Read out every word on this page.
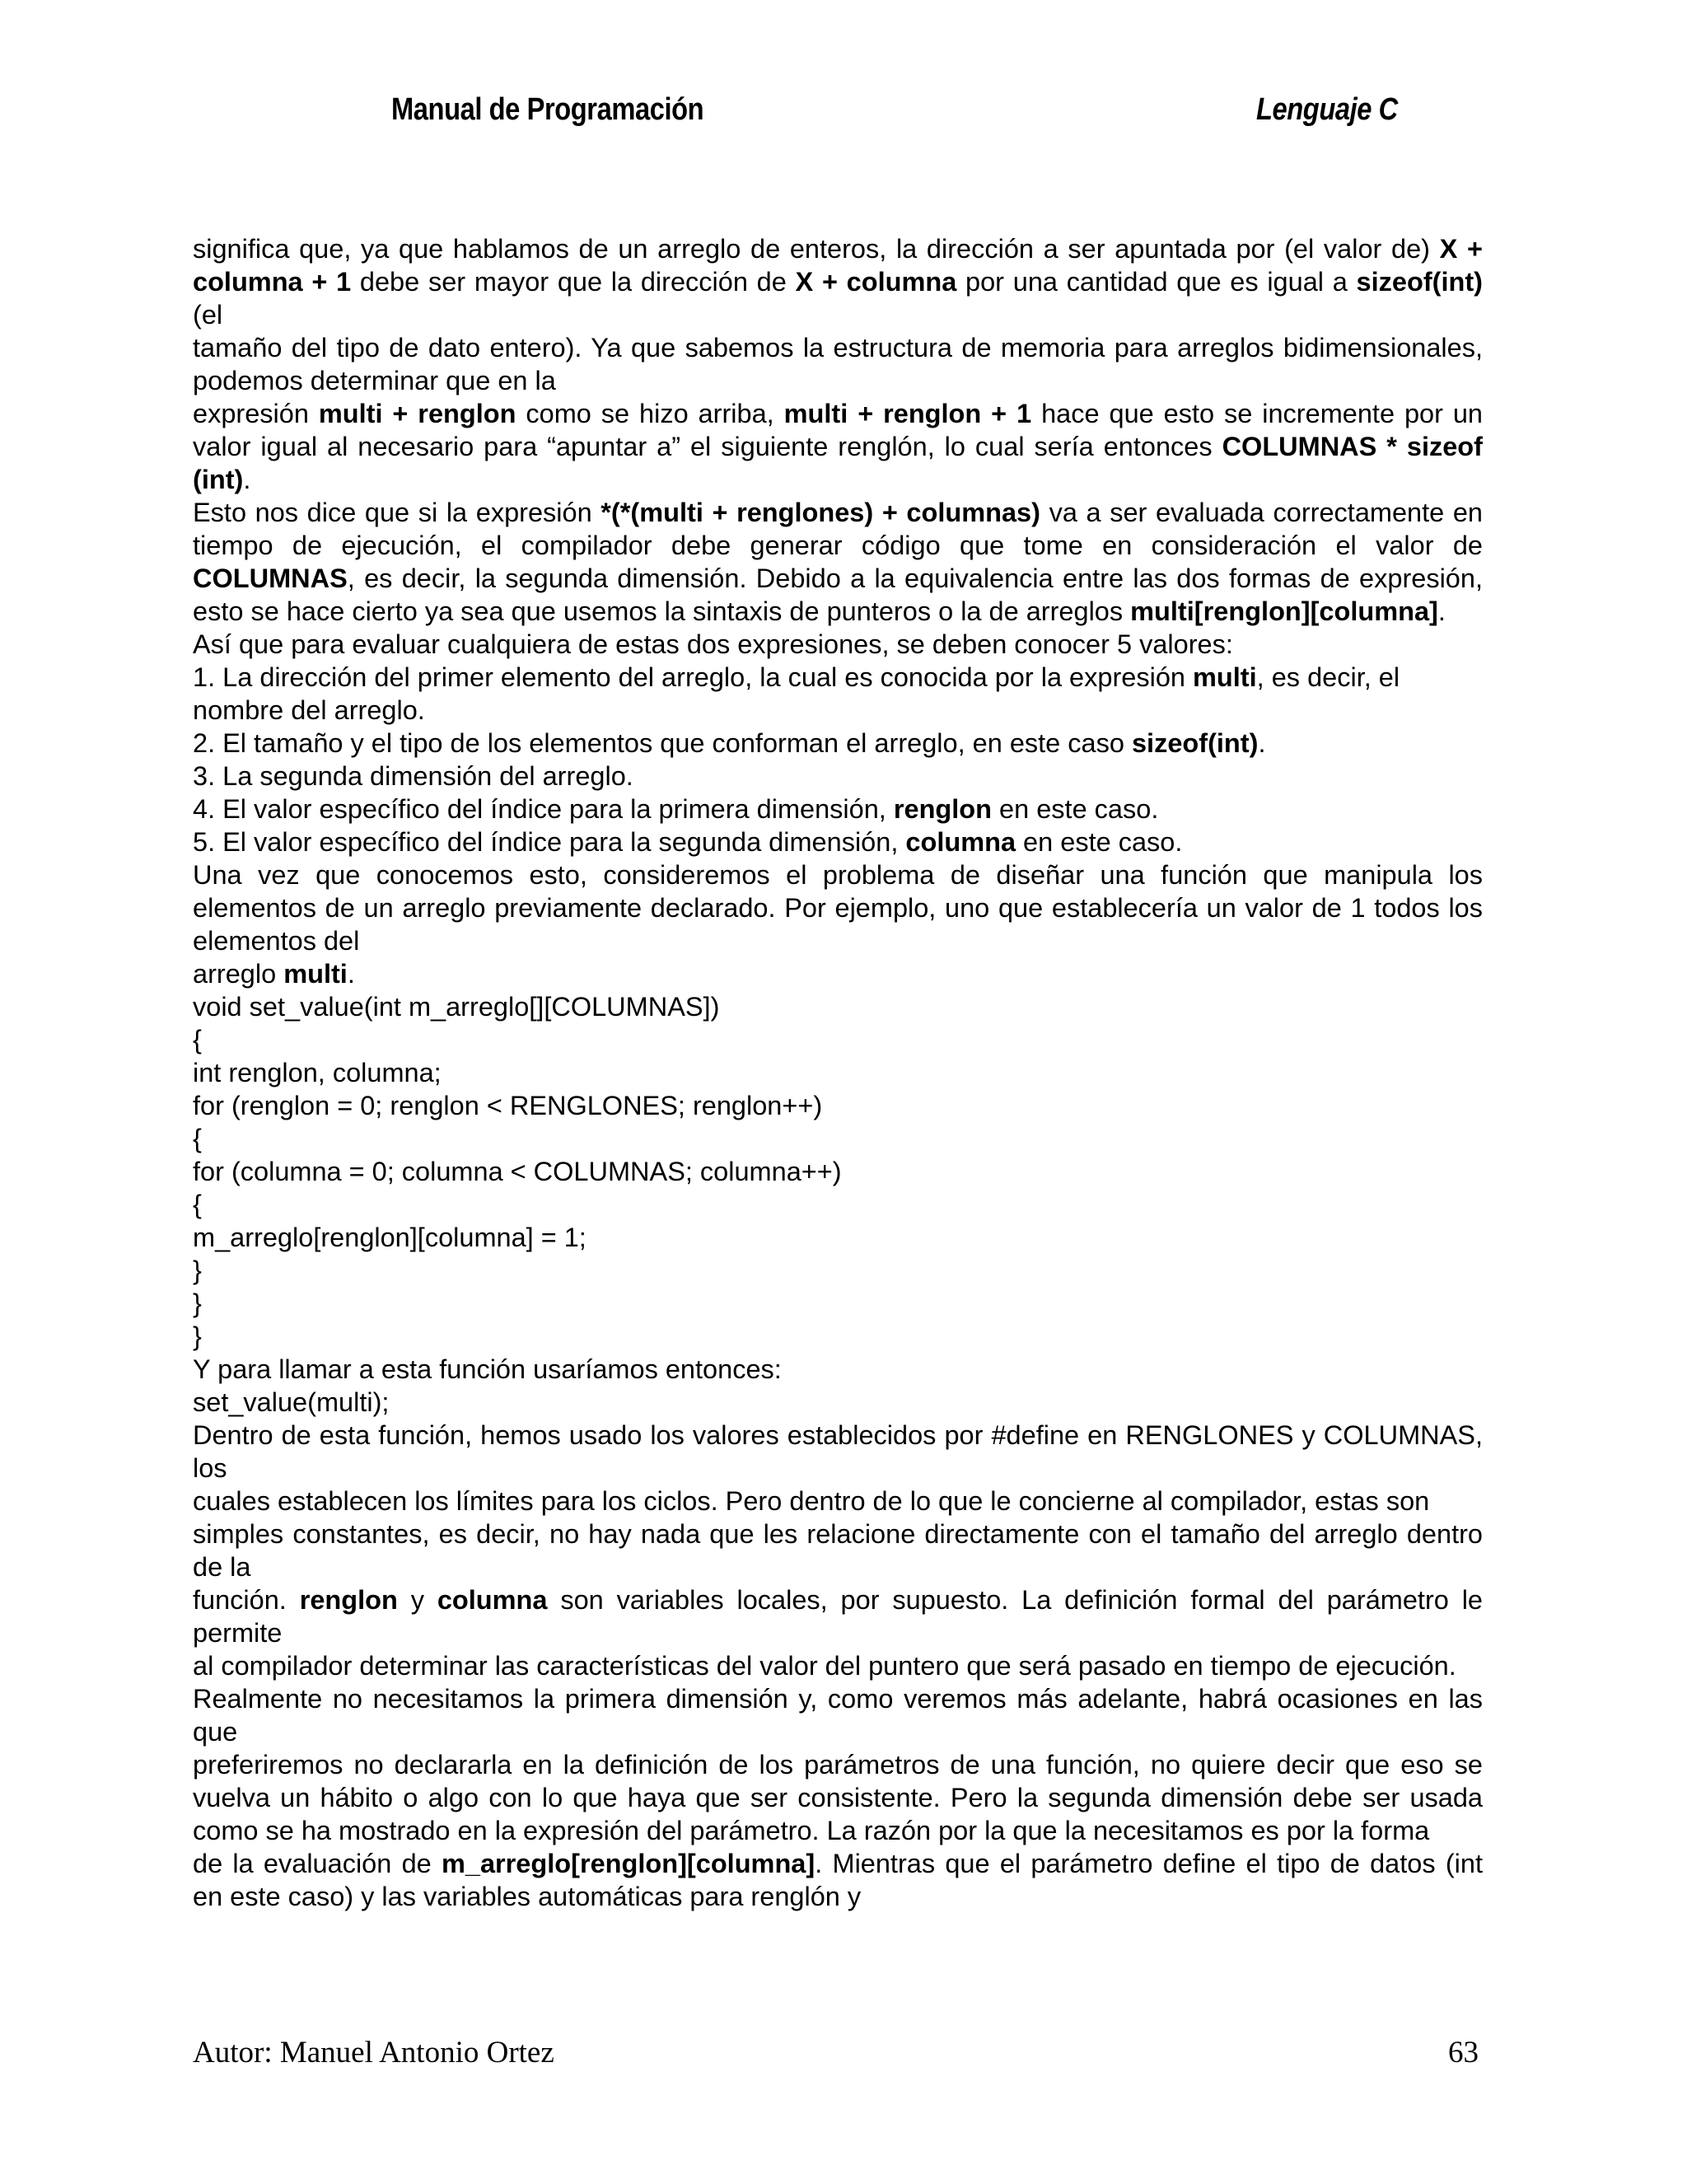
Manual de Programación	Lenguaje C

significa que, ya que hablamos de un arreglo de enteros, la dirección a ser apuntada por (el valor de) X + columna + 1 debe ser mayor que la dirección de X + columna por una cantidad que es igual a sizeof(int) (el

tamaño del tipo de dato entero). Ya que sabemos la estructura de memoria para arreglos bidimensionales, podemos determinar que en la

expresión multi + renglon como se hizo arriba, multi + renglon + 1 hace que esto se incremente por un valor igual al necesario para “apuntar a” el siguiente renglón, lo cual sería entonces COLUMNAS * sizeof (int).

Esto nos dice que si la expresión *(*(multi + renglones) + columnas) va a ser evaluada correctamente en tiempo de ejecución, el compilador debe generar código que tome en consideración el valor de COLUMNAS, es decir, la segunda dimensión. Debido a la equivalencia entre las dos formas de expresión, esto se hace cierto ya sea que usemos la sintaxis de punteros o la de arreglos multi[renglon][columna].

Así que para evaluar cualquiera de estas dos expresiones, se deben conocer 5 valores:

1. La dirección del primer elemento del arreglo, la cual es conocida por la expresión multi, es decir, el nombre del arreglo.

2. El tamaño y el tipo de los elementos que conforman el arreglo, en este caso sizeof(int).

3. La segunda dimensión del arreglo.

4. El valor específico del índice para la primera dimensión, renglon en este caso.

5. El valor específico del índice para la segunda dimensión, columna en este caso.

Una vez que conocemos esto, consideremos el problema de diseñar una función que manipula los elementos de un arreglo previamente declarado. Por ejemplo, uno que establecería un valor de 1 todos los elementos del

arreglo multi.

void set_value(int m_arreglo[][COLUMNAS])

{

int renglon, columna;

for (renglon = 0; renglon < RENGLONES; renglon++)

{

for (columna = 0; columna < COLUMNAS; columna++)

{

m_arreglo[renglon][columna] = 1;

}

}

}

Y para llamar a esta función usaríamos entonces:

set_value(multi);

Dentro de esta función, hemos usado los valores establecidos por #define en RENGLONES y COLUMNAS, los

cuales establecen los límites para los ciclos. Pero dentro de lo que le concierne al compilador, estas son

simples constantes, es decir, no hay nada que les relacione directamente con el tamaño del arreglo dentro de la

función. renglon y columna son variables locales, por supuesto. La definición formal del parámetro le permite

al compilador determinar las características del valor del puntero que será pasado en tiempo de ejecución.

Realmente no necesitamos la primera dimensión y, como veremos más adelante, habrá ocasiones en las que

preferiremos no declararla en la definición de los parámetros de una función, no quiere decir que eso se vuelva un hábito o algo con lo que haya que ser consistente. Pero la segunda dimensión debe ser usada como se ha mostrado en la expresión del parámetro. La razón por la que la necesitamos es por la forma

de la evaluación de m_arreglo[renglon][columna]. Mientras que el parámetro define el tipo de datos (int en este caso) y las variables automáticas para renglón y

Autor: Manuel Antonio Ortez	63
